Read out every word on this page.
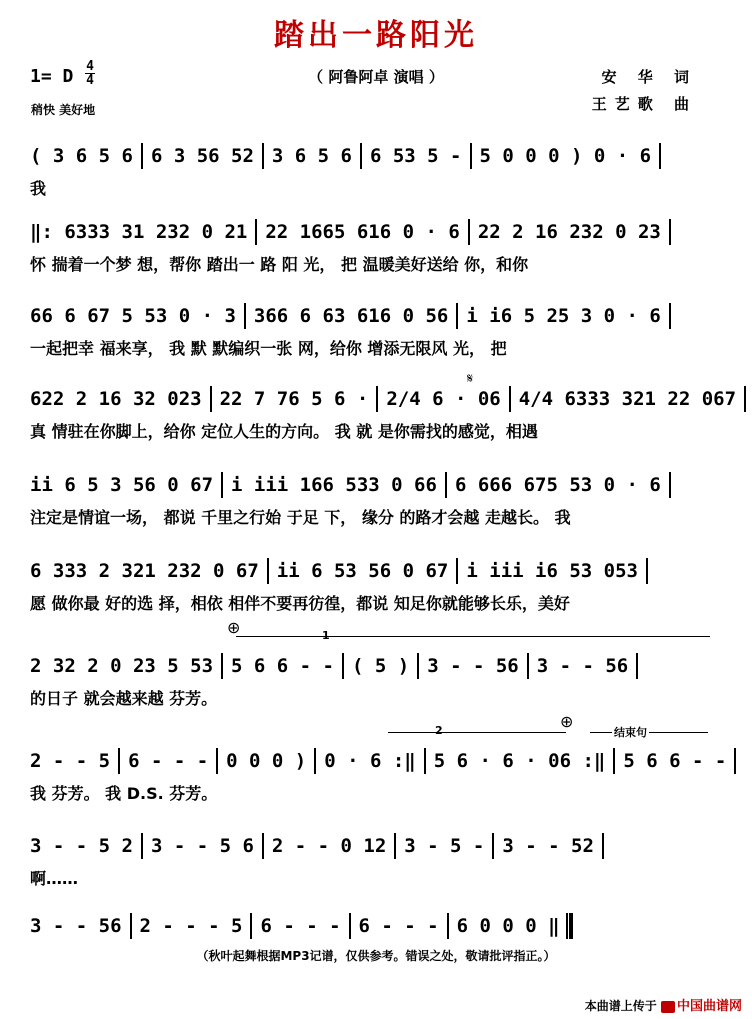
踏出一路阳光
（ 阿鲁阿卓 演唱 ）
1= D 4
4
稍快 美好地
安 华 词
王艺歌 曲
( 3 6 5 6 6 3 56 52 3 6 5 6 6 53 5 - 5 0 0 0 ) 0 · 6
我
‖: 6333 31 232 0 21 22 1665 616 0 · 6 22 2 16 232 0 23
怀 揣着一个梦 想，帮你 踏出一 路 阳 光， 把 温暖美好送给 你，和你
66 6 67 5 53 0 · 3 366 6 63 616 0 56 i i6 5 25 3 0 · 6
一起把幸 福来享， 我 默 默编织一张 网，给你 增添无限风 光， 把
622 2 16 32 023 22 7 76 5 6 · 2/4 6 · 06 4/4 6333 321 22 067
真 情驻在你脚上，给你 定位人生的方向。 我 就 是你需找的感觉，相遇
ii 6 5 3 56 0 67 i iii 166 533 0 66 6 666 675 53 0 · 6
注定是情谊一场， 都说 千里之行始 于足 下， 缘分 的路才会越 走越长。 我
6 333 2 321 232 0 67 ii 6 53 56 0 67 i iii i6 53 053
愿 做你最 好的选 择，相依 相伴不要再彷徨，都说 知足你就能够长乐，美好
2 32 2 0 23 5 53 5 6 6 - - ( 5 ) 3 - - 56 3 - - 56
的日子 就会越来越 芬芳。
2 - - 5 6 - - - 0 0 0 ) 0 · 6 :‖ 5 6 · 6 · 06 :‖ 5 6 6 - -
我 芬芳。 我 D.S. 芬芳。
3 - - 5 2 3 - - 5 6 2 - - 0 12 3 - 5 - 3 - - 52
啊……
3 - - 56 2 - - - 5 6 - - - 6 - - - 6 0 0 0 ‖
⊕	1
2	⊕
结束句
𝄋
（秋叶起舞根据MP3记谱，仅供参考。错误之处，敬请批评指正。）
本曲谱上传于 中国曲谱网
